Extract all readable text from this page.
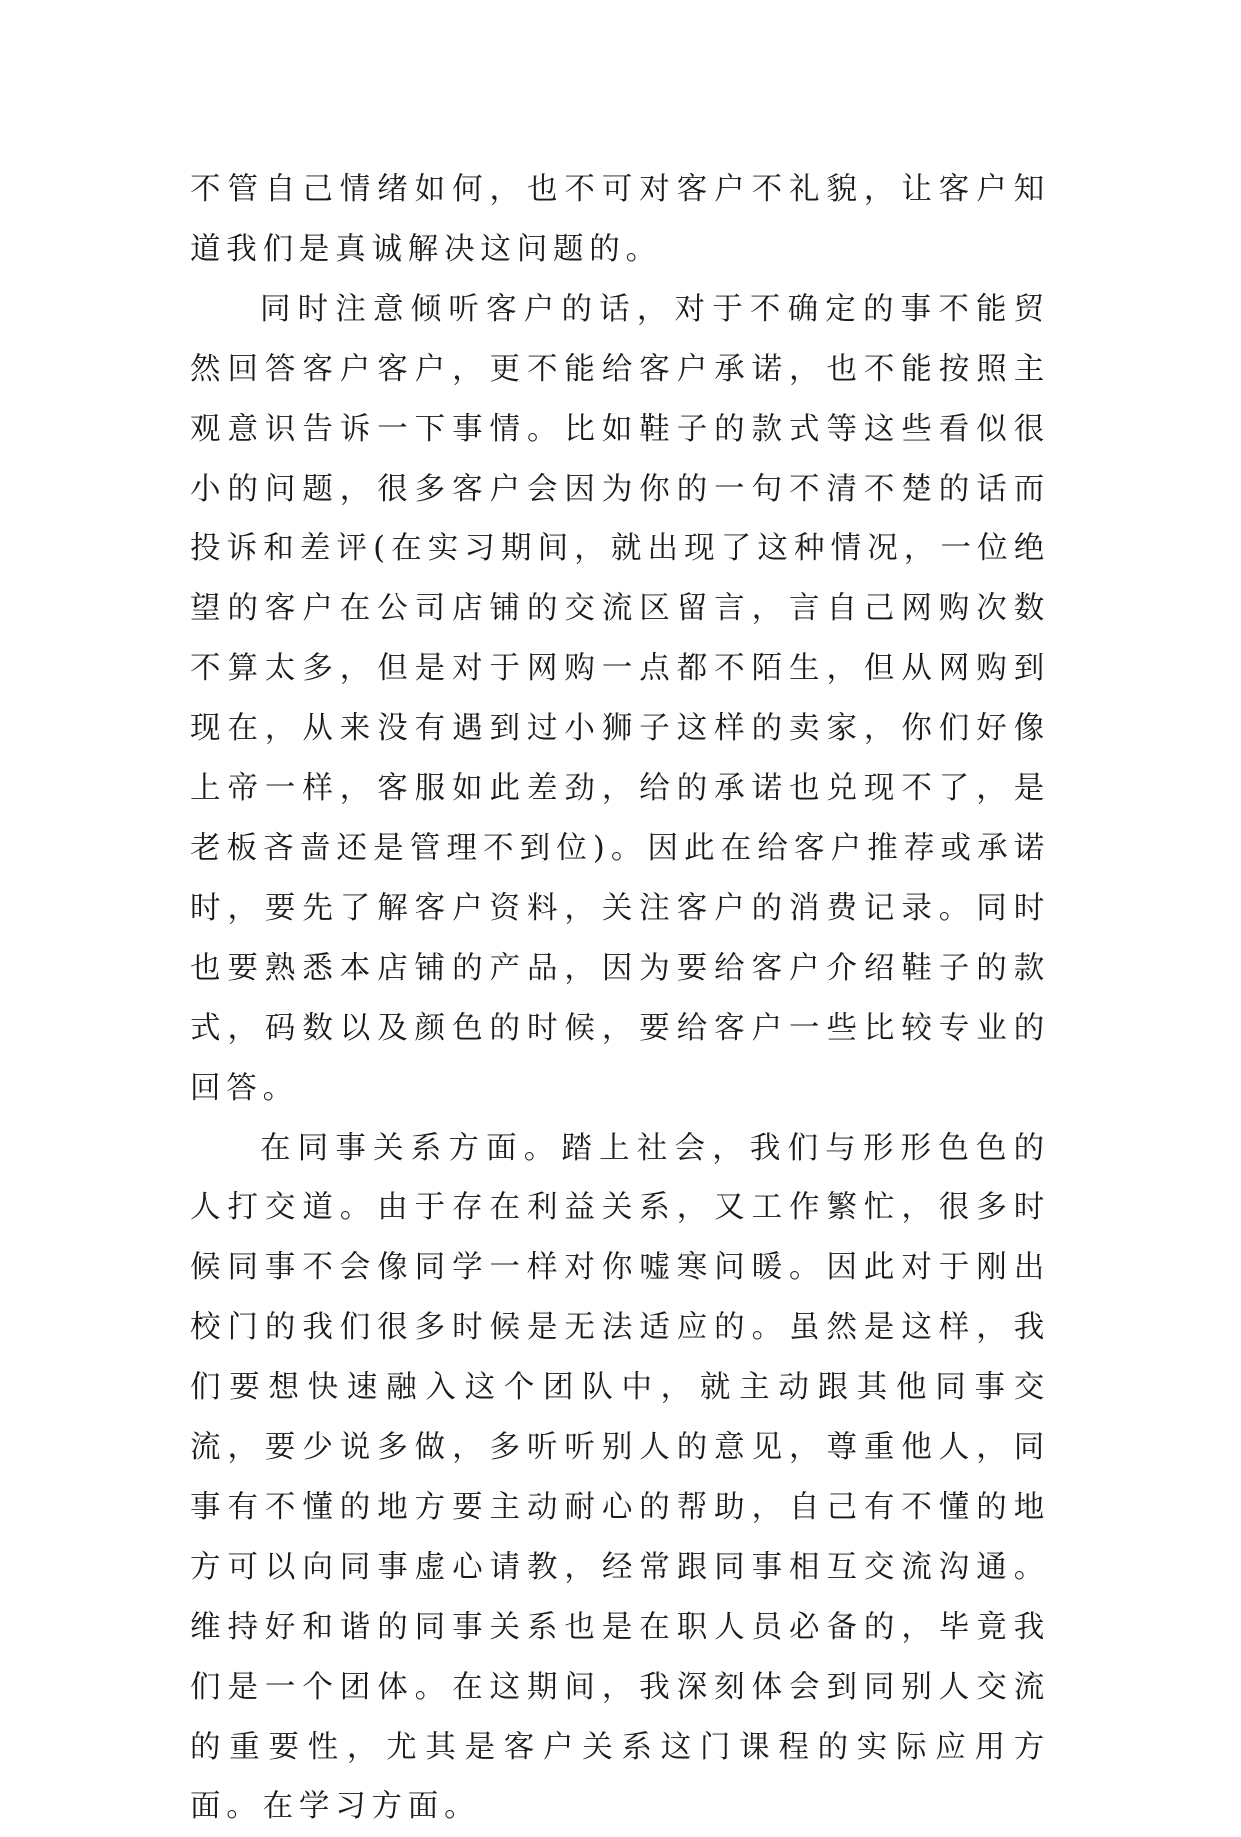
不管自己情绪如何，也不可对客户不礼貌，让客户知道我们是真诚解决这问题的。

同时注意倾听客户的话，对于不确定的事不能贸然回答客户客户，更不能给客户承诺，也不能按照主观意识告诉一下事情。比如鞋子的款式等这些看似很小的问题，很多客户会因为你的一句不清不楚的话而投诉和差评(在实习期间，就出现了这种情况，一位绝望的客户在公司店铺的交流区留言，言自己网购次数不算太多，但是对于网购一点都不陌生，但从网购到现在，从来没有遇到过小狮子这样的卖家，你们好像上帝一样，客服如此差劲，给的承诺也兑现不了，是老板吝啬还是管理不到位)。因此在给客户推荐或承诺时，要先了解客户资料，关注客户的消费记录。同时也要熟悉本店铺的产品，因为要给客户介绍鞋子的款式，码数以及颜色的时候，要给客户一些比较专业的回答。

在同事关系方面。踏上社会，我们与形形色色的人打交道。由于存在利益关系，又工作繁忙，很多时候同事不会像同学一样对你嘘寒问暖。因此对于刚出校门的我们很多时候是无法适应的。虽然是这样，我们要想快速融入这个团队中，就主动跟其他同事交流，要少说多做，多听听别人的意见，尊重他人，同事有不懂的地方要主动耐心的帮助，自己有不懂的地方可以向同事虚心请教，经常跟同事相互交流沟通。维持好和谐的同事关系也是在职人员必备的，毕竟我们是一个团体。在这期间，我深刻体会到同别人交流的重要性，尤其是客户关系这门课程的实际应用方面。在学习方面。
